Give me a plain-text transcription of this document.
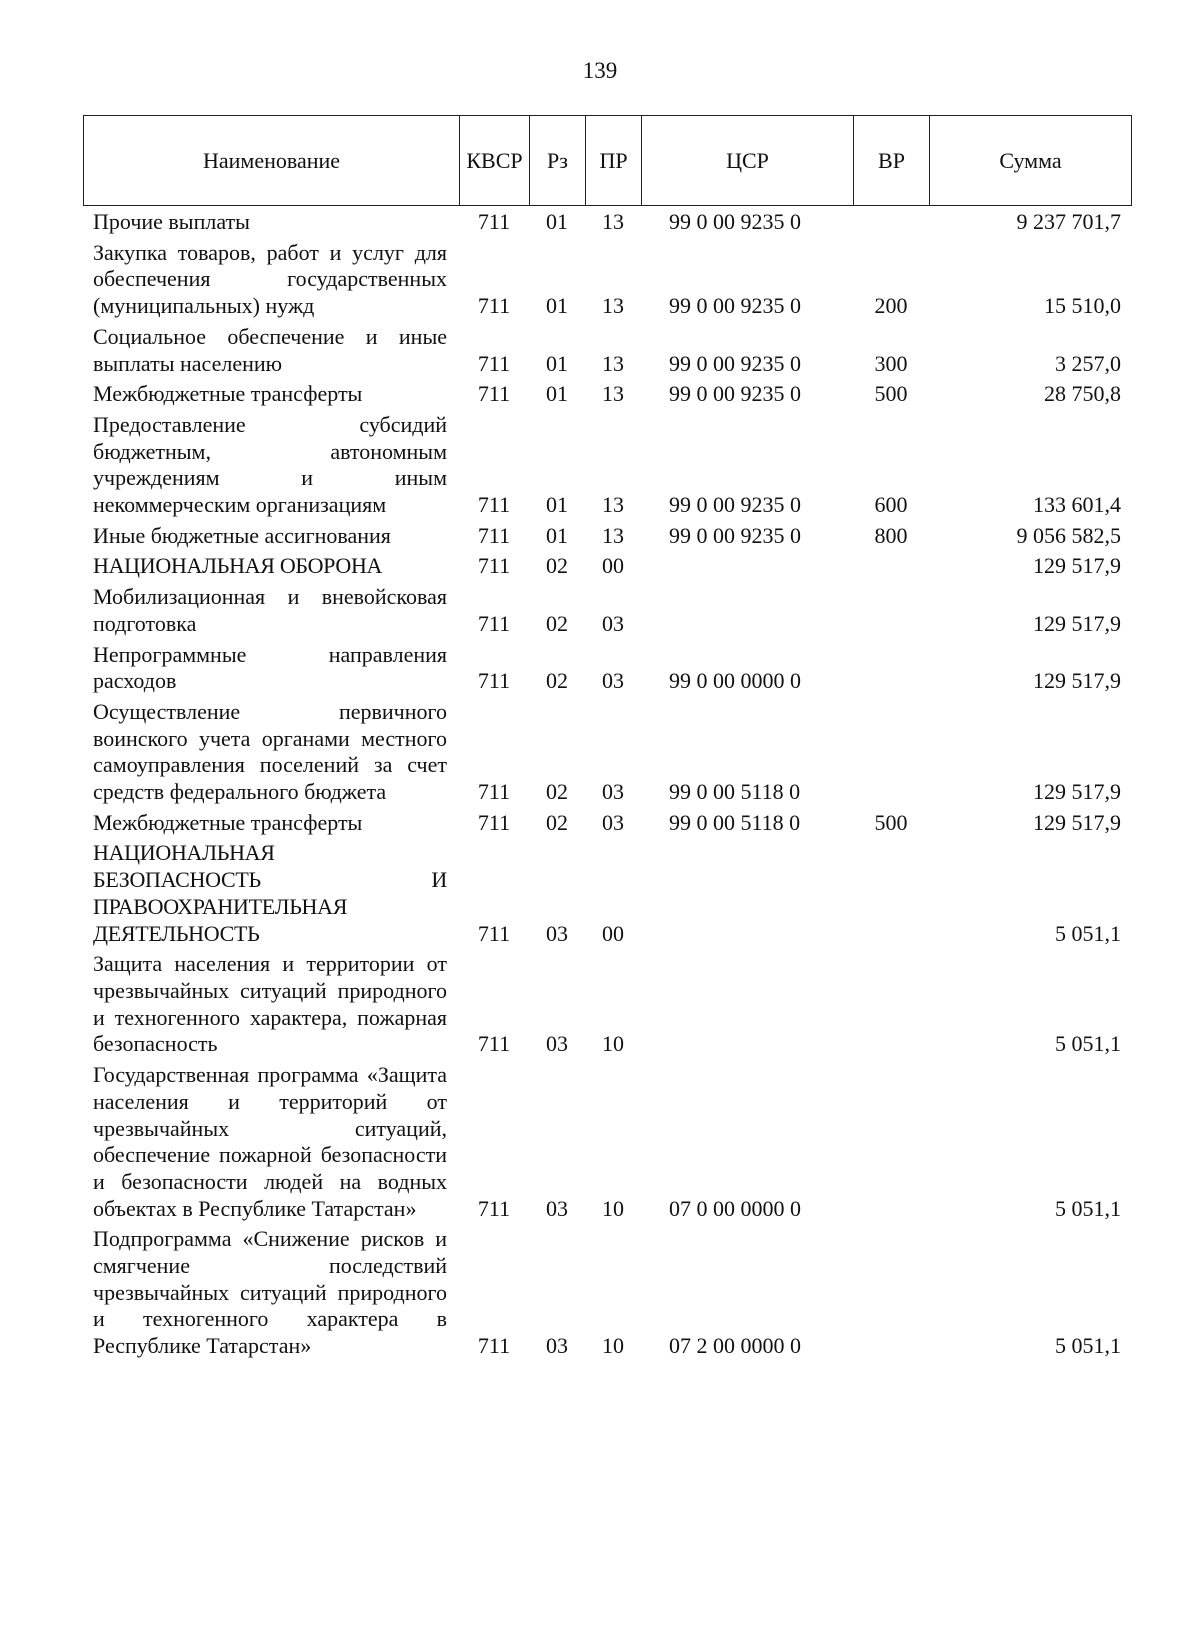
139
Наименование	КВСР	Рз	ПР	ЦСР	ВР	Сумма
Прочие выплаты	711	01	13	99 0 00 9235 0		9 237 701,7
Закупка товаров, работ и услуг для обеспечения государственных (муниципальных) нужд	711	01	13	99 0 00 9235 0	200	15 510,0
Социальное обеспечение и иные выплаты населению	711	01	13	99 0 00 9235 0	300	3 257,0
Межбюджетные трансферты	711	01	13	99 0 00 9235 0	500	28 750,8
Предоставление субсидий бюджетным, автономным учреждениям и иным некоммерческим организациям	711	01	13	99 0 00 9235 0	600	133 601,4
Иные бюджетные ассигнования	711	01	13	99 0 00 9235 0	800	9 056 582,5
НАЦИОНАЛЬНАЯ ОБОРОНА	711	02	00			129 517,9
Мобилизационная и вневойсковая подготовка	711	02	03			129 517,9
Непрограммные направления расходов	711	02	03	99 0 00 0000 0		129 517,9
Осуществление первичного воинского учета органами местного самоуправления поселений за счет средств федерального бюджета	711	02	03	99 0 00 5118 0		129 517,9
Межбюджетные трансферты	711	02	03	99 0 00 5118 0	500	129 517,9
НАЦИОНАЛЬНАЯ БЕЗОПАСНОСТЬ И ПРАВООХРАНИТЕЛЬНАЯ ДЕЯТЕЛЬНОСТЬ	711	03	00			5 051,1
Защита населения и территории от чрезвычайных ситуаций природного и техногенного характера, пожарная безопасность	711	03	10			5 051,1
Государственная программа «Защита населения и территорий от чрезвычайных ситуаций, обеспечение пожарной безопасности и безопасности людей на водных объектах в Республике Татарстан»	711	03	10	07 0 00 0000 0		5 051,1
Подпрограмма «Снижение рисков и смягчение последствий чрезвычайных ситуаций природного и техногенного характера в Республике Татарстан»	711	03	10	07 2 00 0000 0		5 051,1
